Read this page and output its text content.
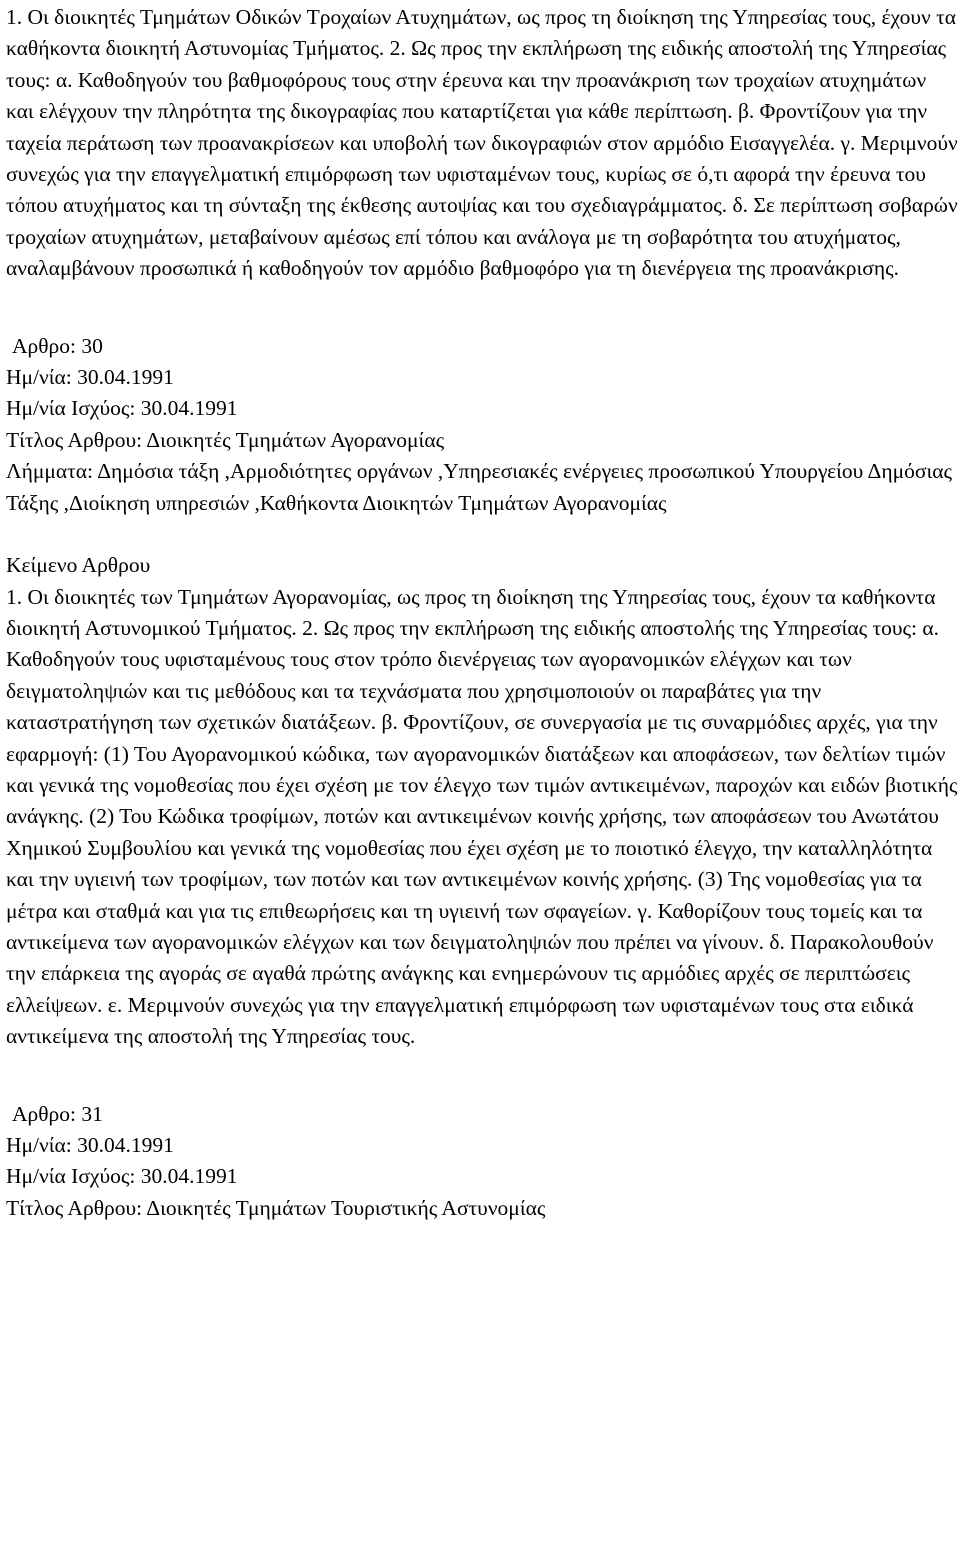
1. Οι διοικητές Τμημάτων Οδικών Τροχαίων Ατυχημάτων, ως προς τη διοίκηση της Υπηρεσίας τους, έχουν τα καθήκοντα διοικητή Αστυνομίας Τμήματος. 2. Ως προς την εκπλήρωση της ειδικής αποστολή της Υπηρεσίας τους: α. Καθοδηγούν του βαθμοφόρους τους στην έρευνα και την προανάκριση των τροχαίων ατυχημάτων και ελέγχουν την πληρότητα της δικογραφίας που καταρτίζεται για κάθε περίπτωση. β. Φροντίζουν για την ταχεία περάτωση των προανακρίσεων και υποβολή των δικογραφιών στον αρμόδιο Εισαγγελέα. γ. Μεριμνούν συνεχώς για την επαγγελματική επιμόρφωση των υφισταμένων τους, κυρίως σε ό,τι αφορά την έρευνα του τόπου ατυχήματος και τη σύνταξη της έκθεσης αυτοψίας και του σχεδιαγράμματος. δ. Σε περίπτωση σοβαρών τροχαίων ατυχημάτων, μεταβαίνουν αμέσως επί τόπου και ανάλογα με τη σοβαρότητα του ατυχήματος, αναλαμβάνουν προσωπικά ή καθοδηγούν τον αρμόδιο βαθμοφόρο για τη διενέργεια της προανάκρισης.

Αρθρο: 30
Ημ/νία: 30.04.1991
Ημ/νία Ισχύος: 30.04.1991
Τίτλος Αρθρου: Διοικητές Τμημάτων Αγορανομίας

Λήμματα: Δημόσια τάξη ,Αρμοδιότητες οργάνων ,Υπηρεσιακές ενέργειες προσωπικού Υπουργείου Δημόσιας Τάξης ,Διοίκηση υπηρεσιών ,Καθήκοντα Διοικητών Τμημάτων Αγορανομίας

Κείμενο Αρθρου

1. Οι διοικητές των Τμημάτων Αγορανομίας, ως προς τη διοίκηση της Υπηρεσίας τους, έχουν τα καθήκοντα διοικητή Αστυνομικού Τμήματος. 2. Ως προς την εκπλήρωση της ειδικής αποστολής της Υπηρεσίας τους: α. Καθοδηγούν τους υφισταμένους τους στον τρόπο διενέργειας των αγορανομικών ελέγχων και των δειγματοληψιών και τις μεθόδους και τα τεχνάσματα που χρησιμοποιούν οι παραβάτες για την καταστρατήγηση των σχετικών διατάξεων. β. Φροντίζουν, σε συνεργασία με τις συναρμόδιες αρχές, για την εφαρμογή: (1) Του Αγορανομικού κώδικα, των αγορανομικών διατάξεων και αποφάσεων, των δελτίων τιμών και γενικά της νομοθεσίας που έχει σχέση με τον έλεγχο των τιμών αντικειμένων, παροχών και ειδών βιοτικής ανάγκης. (2) Του Κώδικα τροφίμων, ποτών και αντικειμένων κοινής χρήσης, των αποφάσεων του Ανωτάτου Χημικού Συμβουλίου και γενικά της νομοθεσίας που έχει σχέση με το ποιοτικό έλεγχο, την καταλληλότητα και την υγιεινή των τροφίμων, των ποτών και των αντικειμένων κοινής χρήσης. (3) Της νομοθεσίας για τα μέτρα και σταθμά και για τις επιθεωρήσεις και τη υγιεινή των σφαγείων. γ. Καθορίζουν τους τομείς και τα αντικείμενα των αγορανομικών ελέγχων και των δειγματοληψιών που πρέπει να γίνουν. δ. Παρακολουθούν την επάρκεια της αγοράς σε αγαθά πρώτης ανάγκης και ενημερώνουν τις αρμόδιες αρχές σε περιπτώσεις ελλείψεων. ε. Μεριμνούν συνεχώς για την επαγγελματική επιμόρφωση των υφισταμένων τους στα ειδικά αντικείμενα της αποστολή της Υπηρεσίας τους.

Αρθρο: 31
Ημ/νία: 30.04.1991
Ημ/νία Ισχύος: 30.04.1991
Τίτλος Αρθρου: Διοικητές Τμημάτων Τουριστικής Αστυνομίας
